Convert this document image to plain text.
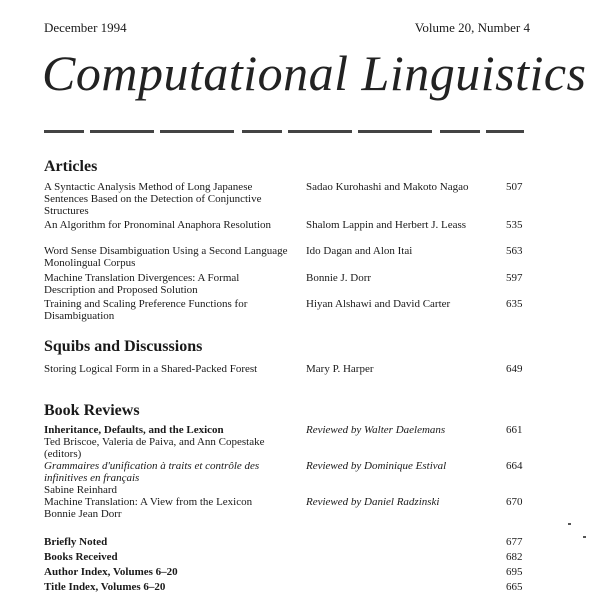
December 1994	Volume 20, Number 4
Computational Linguistics
Articles
A Syntactic Analysis Method of Long Japanese Sentences Based on the Detection of Conjunctive Structures
Sadao Kurohashi and Makoto Nagao	507
An Algorithm for Pronominal Anaphora Resolution	Shalom Lappin and Herbert J. Leass	535
Word Sense Disambiguation Using a Second Language Monolingual Corpus
Ido Dagan and Alon Itai	563
Machine Translation Divergences: A Formal Description and Proposed Solution
Bonnie J. Dorr	597
Training and Scaling Preference Functions for Disambiguation
Hiyan Alshawi and David Carter	635
Squibs and Discussions
Storing Logical Form in a Shared-Packed Forest	Mary P. Harper	649
Book Reviews
Inheritance, Defaults, and the Lexicon
Ted Briscoe, Valeria de Paiva, and Ann Copestake (editors)
Reviewed by Walter Daelemans	661
Grammaires d'unification à traits et contrôle des infinitives en français
Sabine Reinhard
Reviewed by Dominique Estival	664
Machine Translation: A View from the Lexicon
Bonnie Jean Dorr
Reviewed by Daniel Radzinski	670
Briefly Noted	677
Books Received	682
Author Index, Volumes 6–20	695
Title Index, Volumes 6–20	665
